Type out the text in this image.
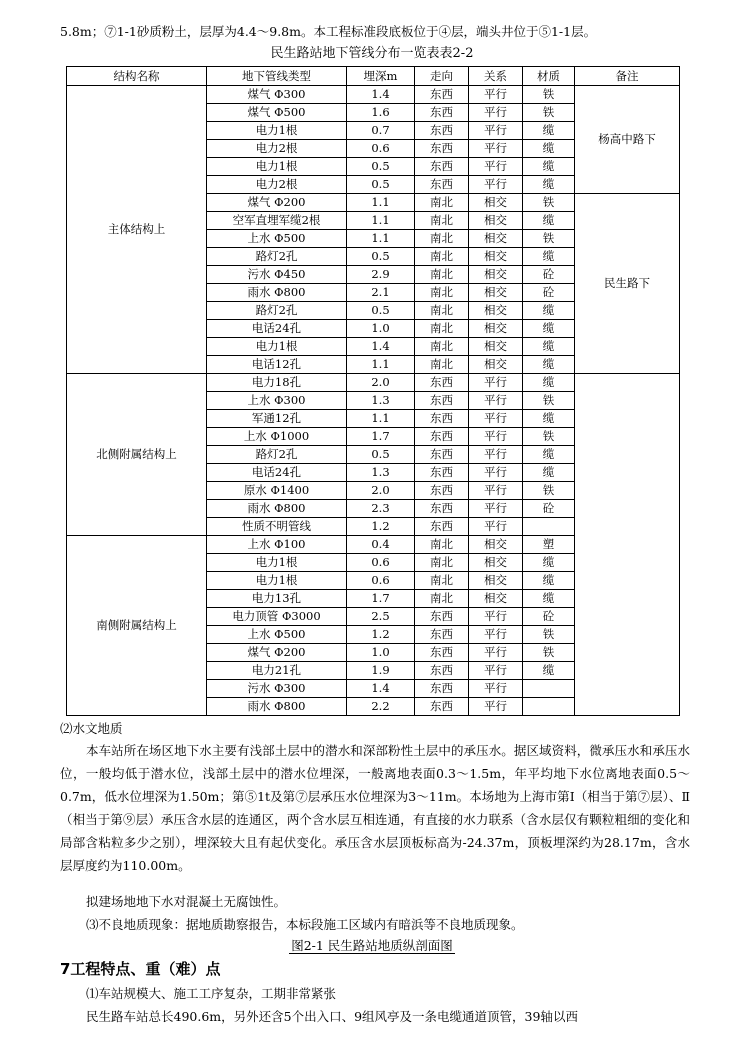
5.8m；⑦1-1砂质粉土，层厚为4.4～9.8m。本工程标准段底板位于④层，端头井位于⑤1-1层。
民生路站地下管线分布一览表表2-2
结构名称	地下管线类型	埋深m	走向	关系	材质	备注
主体结构上	煤气 Φ300	1.4	东西	平行	铁	杨高中路下
	煤气 Φ500	1.6	东西	平行	铁	
	电力1根	0.7	东西	平行	缆	
	电力2根	0.6	东西	平行	缆	
	电力1根	0.5	东西	平行	缆	
	电力2根	0.5	东西	平行	缆	
	煤气 Φ200	1.1	南北	相交	铁	民生路下
	空军直埋军缆2根	1.1	南北	相交	缆	
	上水 Φ500	1.1	南北	相交	铁	
	路灯2孔	0.5	南北	相交	缆	
	污水 Φ450	2.9	南北	相交	砼	
	雨水 Φ800	2.1	南北	相交	砼	
	路灯2孔	0.5	南北	相交	缆	
	电话24孔	1.0	南北	相交	缆	
	电力1根	1.4	南北	相交	缆	
	电话12孔	1.1	南北	相交	缆	
北侧附属结构上	电力18孔	2.0	东西	平行	缆	
	上水 Φ300	1.3	东西	平行	铁	
	军通12孔	1.1	东西	平行	缆	
	上水 Φ1000	1.7	东西	平行	铁	
	路灯2孔	0.5	东西	平行	缆	
	电话24孔	1.3	东西	平行	缆	
	原水 Φ1400	2.0	东西	平行	铁	
	雨水 Φ800	2.3	东西	平行	砼	
	性质不明管线	1.2	东西	平行		
南侧附属结构上	上水 Φ100	0.4	南北	相交	塑	
	电力1根	0.6	南北	相交	缆	
	电力1根	0.6	南北	相交	缆	
	电力13孔	1.7	南北	相交	缆	
	电力顶管 Φ3000	2.5	东西	平行	砼	
	上水 Φ500	1.2	东西	平行	铁	
	煤气 Φ200	1.0	东西	平行	铁	
	电力21孔	1.9	东西	平行	缆	
	污水 Φ300	1.4	东西	平行		
	雨水 Φ800	2.2	东西	平行		
⑵水文地质
本车站所在场区地下水主要有浅部土层中的潜水和深部粉性土层中的承压水。据区域资料，微承压水和承压水位，一般均低于潜水位，浅部土层中的潜水位埋深，一般离地表面0.3～1.5m，年平均地下水位离地表面0.5～0.7m，低水位埋深为1.50m；第⑤1t及第⑦层承压水位埋深为3～11m。本场地为上海市第Ⅰ（相当于第⑦层）、Ⅱ（相当于第⑨层）承压含水层的连通区，两个含水层互相连通，有直接的水力联系（含水层仅有颗粒粗细的变化和局部含粘粒多少之别），埋深较大且有起伏变化。承压含水层顶板标高为-24.37m，顶板埋深约为28.17m，含水层厚度约为110.00m。
拟建场地地下水对混凝土无腐蚀性。
⑶不良地质现象：据地质勘察报告，本标段施工区域内有暗浜等不良地质现象。
图2-1 民生路站地质纵剖面图
7工程特点、重（难）点
⑴车站规模大、施工工序复杂，工期非常紧张
民生路车站总长490.6m，另外还含5个出入口、9组风亭及一条电缆通道顶管，39轴以西
